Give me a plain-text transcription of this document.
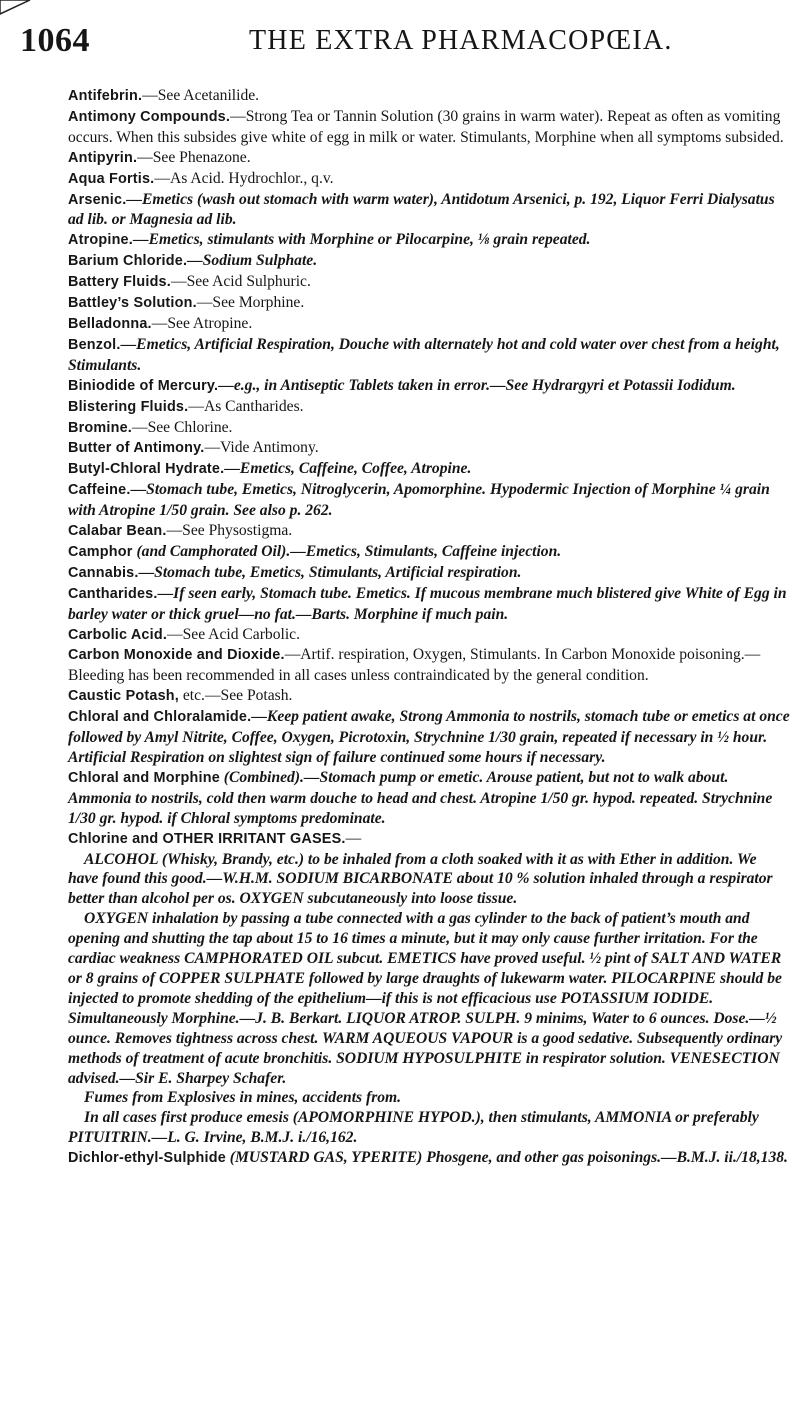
1064	THE EXTRA PHARMACOPŒIA.

Antifebrin.—See Acetanilide.

Antimony Compounds.—Strong Tea or Tannin Solution (30 grains in warm water). Repeat as often as vomiting occurs. When this subsides give white of egg in milk or water. Stimulants, Morphine when all symptoms subsided.

Antipyrin.—See Phenazone.

Aqua Fortis.—As Acid. Hydrochlor., q.v.

Arsenic.—Emetics (wash out stomach with warm water), Antidotum Arsenici, p. 192, Liquor Ferri Dialysatus ad lib. or Magnesia ad lib.

Atropine.—Emetics, stimulants with Morphine or Pilocarpine, ⅛ grain repeated.

Barium Chloride.—Sodium Sulphate.

Battery Fluids.—See Acid Sulphuric.

Battley’s Solution.—See Morphine.

Belladonna.—See Atropine.

Benzol.—Emetics, Artificial Respiration, Douche with alternately hot and cold water over chest from a height, Stimulants.

Biniodide of Mercury.—e.g., in Antiseptic Tablets taken in error.—See Hydrargyri et Potassii Iodidum.

Blistering Fluids.—As Cantharides.

Bromine.—See Chlorine.

Butter of Antimony.—Vide Antimony.

Butyl-Chloral Hydrate.—Emetics, Caffeine, Coffee, Atropine.

Caffeine.—Stomach tube, Emetics, Nitroglycerin, Apomorphine. Hypodermic Injection of Morphine ¼ grain with Atropine 1/50 grain. See also p. 262.

Calabar Bean.—See Physostigma.

Camphor (and Camphorated Oil).—Emetics, Stimulants, Caffeine injection.

Cannabis.—Stomach tube, Emetics, Stimulants, Artificial respiration.

Cantharides.—If seen early, Stomach tube. Emetics. If mucous membrane much blistered give White of Egg in barley water or thick gruel—no fat.—Barts. Morphine if much pain.

Carbolic Acid.—See Acid Carbolic.

Carbon Monoxide and Dioxide.—Artif. respiration, Oxygen, Stimulants. In Carbon Monoxide poisoning.—Bleeding has been recommended in all cases unless contraindicated by the general condition.

Caustic Potash, etc.—See Potash.

Chloral and Chloralamide.—Keep patient awake, Strong Ammonia to nostrils, stomach tube or emetics at once followed by Amyl Nitrite, Coffee, Oxygen, Picrotoxin, Strychnine 1/30 grain, repeated if necessary in ½ hour. Artificial Respiration on slightest sign of failure continued some hours if necessary.

Chloral and Morphine (Combined).—Stomach pump or emetic. Arouse patient, but not to walk about. Ammonia to nostrils, cold then warm douche to head and chest. Atropine 1/50 gr. hypod. repeated. Strychnine 1/30 gr. hypod. if Chloral symptoms predominate.

Chlorine and OTHER IRRITANT GASES.—

ALCOHOL (Whisky, Brandy, etc.) to be inhaled from a cloth soaked with it as with Ether in addition. We have found this good.—W.H.M. SODIUM BICARBONATE about 10 % solution inhaled through a respirator better than alcohol per os. OXYGEN subcutaneously into loose tissue.

OXYGEN inhalation by passing a tube connected with a gas cylinder to the back of patient’s mouth and opening and shutting the tap about 15 to 16 times a minute, but it may only cause further irritation. For the cardiac weakness CAMPHORATED OIL subcut. EMETICS have proved useful. ½ pint of SALT AND WATER or 8 grains of COPPER SULPHATE followed by large draughts of lukewarm water. PILOCARPINE should be injected to promote shedding of the epithelium—if this is not efficacious use POTASSIUM IODIDE. Simultaneously Morphine.—J. B. Berkart. LIQUOR ATROP. SULPH. 9 minims, Water to 6 ounces. Dose.—½ ounce. Removes tightness across chest. WARM AQUEOUS VAPOUR is a good sedative. Subsequently ordinary methods of treatment of acute bronchitis. SODIUM HYPOSULPHITE in respirator solution. VENESECTION advised.—Sir E. Sharpey Schafer.

Fumes from Explosives in mines, accidents from.

In all cases first produce emesis (APOMORPHINE HYPOD.), then stimulants, AMMONIA or preferably PITUITRIN.—L. G. Irvine, B.M.J. i./16,162.

Dichlor-ethyl-Sulphide (MUSTARD GAS, YPERITE) Phosgene, and other gas poisonings.—B.M.J. ii./18,138.
